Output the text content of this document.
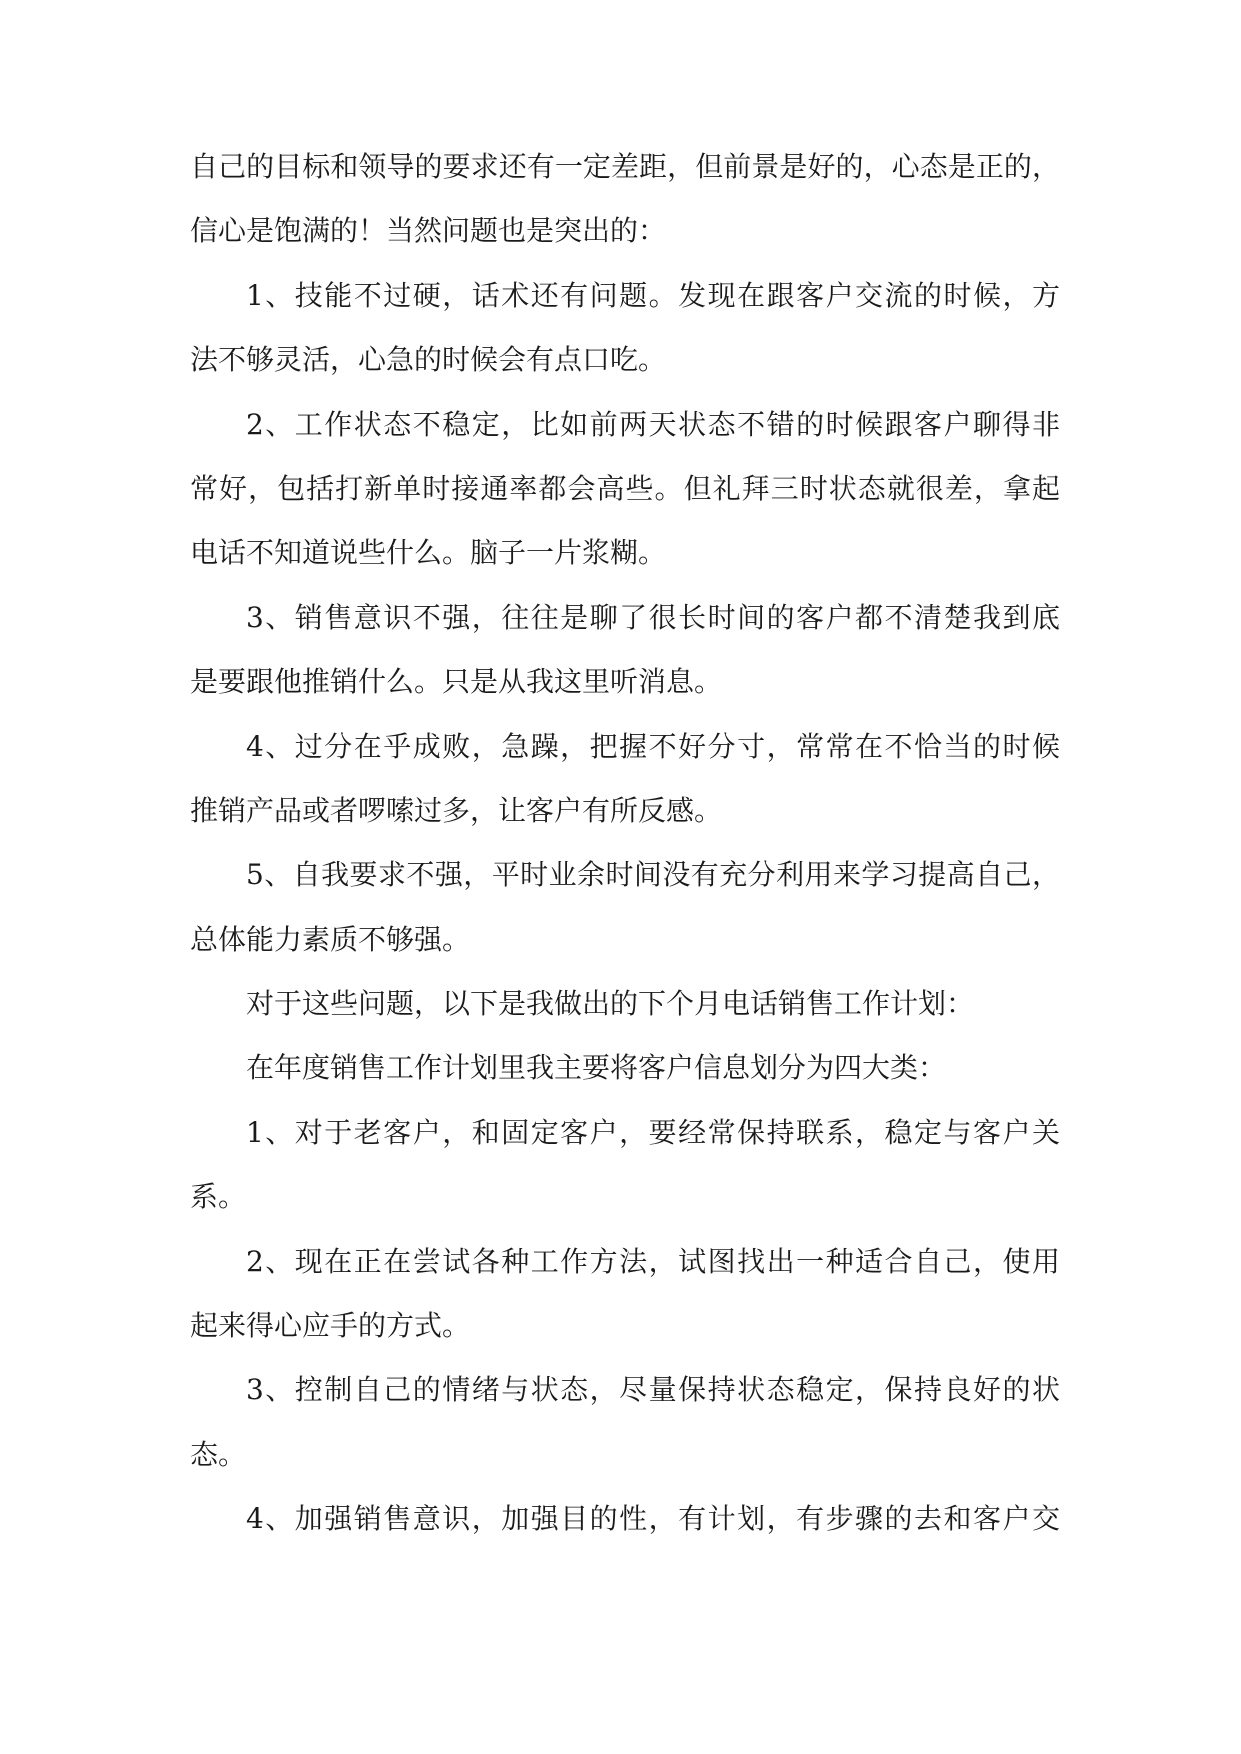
自己的目标和领导的要求还有一定差距，但前景是好的，心态是正的，
信心是饱满的！当然问题也是突出的：
1、技能不过硬，话术还有问题。发现在跟客户交流的时候，方
法不够灵活，心急的时候会有点口吃。
2、工作状态不稳定，比如前两天状态不错的时候跟客户聊得非
常好，包括打新单时接通率都会高些。但礼拜三时状态就很差，拿起
电话不知道说些什么。脑子一片浆糊。
3、销售意识不强，往往是聊了很长时间的客户都不清楚我到底
是要跟他推销什么。只是从我这里听消息。
4、过分在乎成败，急躁，把握不好分寸，常常在不恰当的时候
推销产品或者啰嗦过多，让客户有所反感。
5、自我要求不强，平时业余时间没有充分利用来学习提高自己，
总体能力素质不够强。
对于这些问题，以下是我做出的下个月电话销售工作计划：
在年度销售工作计划里我主要将客户信息划分为四大类：
1、对于老客户，和固定客户，要经常保持联系，稳定与客户关
系。
2、现在正在尝试各种工作方法，试图找出一种适合自己，使用
起来得心应手的方式。
3、控制自己的情绪与状态，尽量保持状态稳定，保持良好的状
态。
4、加强销售意识，加强目的性，有计划，有步骤的去和客户交
